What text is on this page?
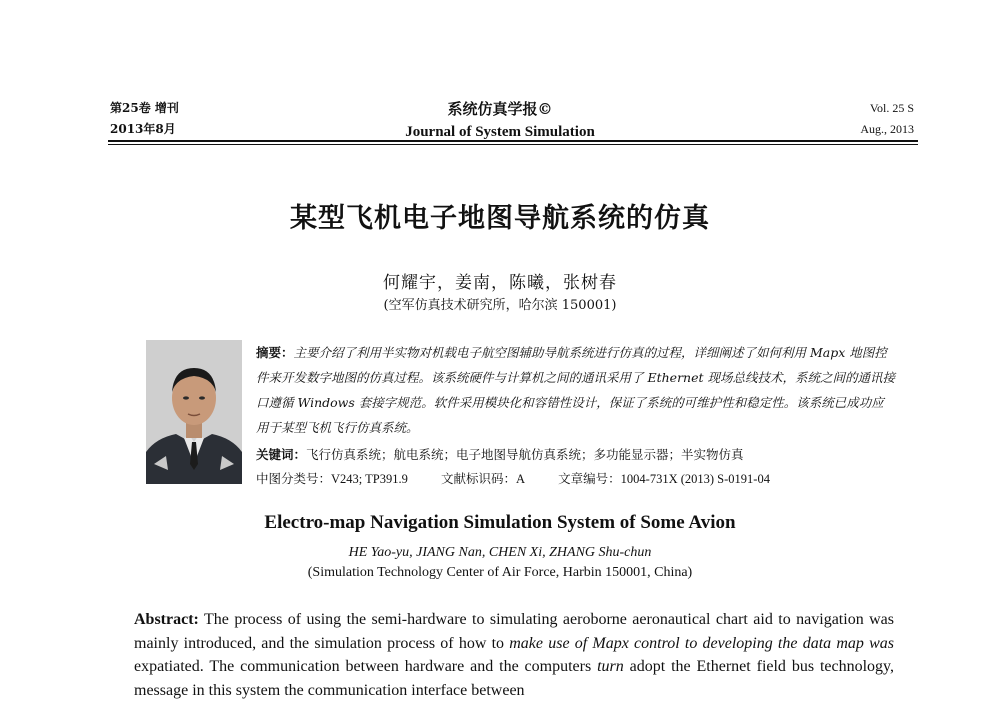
第25卷 增刊
2013年8月
系统仿真学报©
Journal of System Simulation
Vol. 25 S
Aug., 2013
某型飞机电子地图导航系统的仿真
何耀宇，姜南，陈曦，张树春
(空军仿真技术研究所，哈尔滨 150001)
摘要：主要介绍了利用半实物对机载电子航空图辅助导航系统进行仿真的过程，详细阐述了如何利用 Mapx 地图控件来开发数字地图的仿真过程。该系统硬件与计算机之间的通讯采用了 Ethernet 现场总线技术，系统之间的通讯接口遵循 Windows 套接字规范。软件采用模块化和容错性设计，保证了系统的可维护性和稳定性。该系统已成功应用于某型飞机飞行仿真系统。
关键词：飞行仿真系统；航电系统；电子地图导航仿真系统；多功能显示器；半实物仿真
中图分类号：V243; TP391.9	文献标识码：A	文章编号：1004-731X (2013) S-0191-04
Electro-map Navigation Simulation System of Some Avion
HE Yao-yu, JIANG Nan, CHEN Xi, ZHANG Shu-chun
(Simulation Technology Center of Air Force, Harbin 150001, China)
Abstract: The process of using the semi-hardware to simulating aeroborne aeronautical chart aid to navigation was mainly introduced, and the simulation process of how to make use of Mapx control to developing the data map was expatiated. The communication between hardware and the computers turn adopt the Ethernet field bus technology, message in this system the communication interface between
